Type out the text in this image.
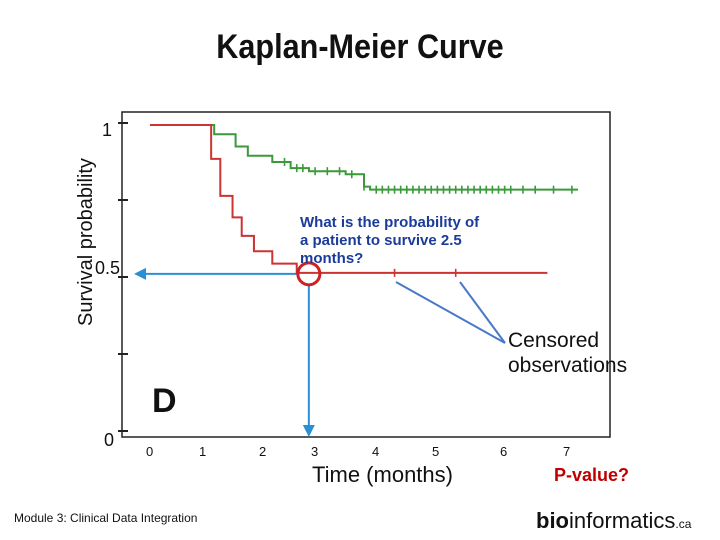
Kaplan-Meier Curve
Survival probability
1
0.5
0
0	1	2	3	4	5	6	7
Time (months)
What is the probability of
a patient to survive 2.5
months?
Censored
observations
D
P-value?
Module 3: Clinical Data Integration	bioinformatics.ca
